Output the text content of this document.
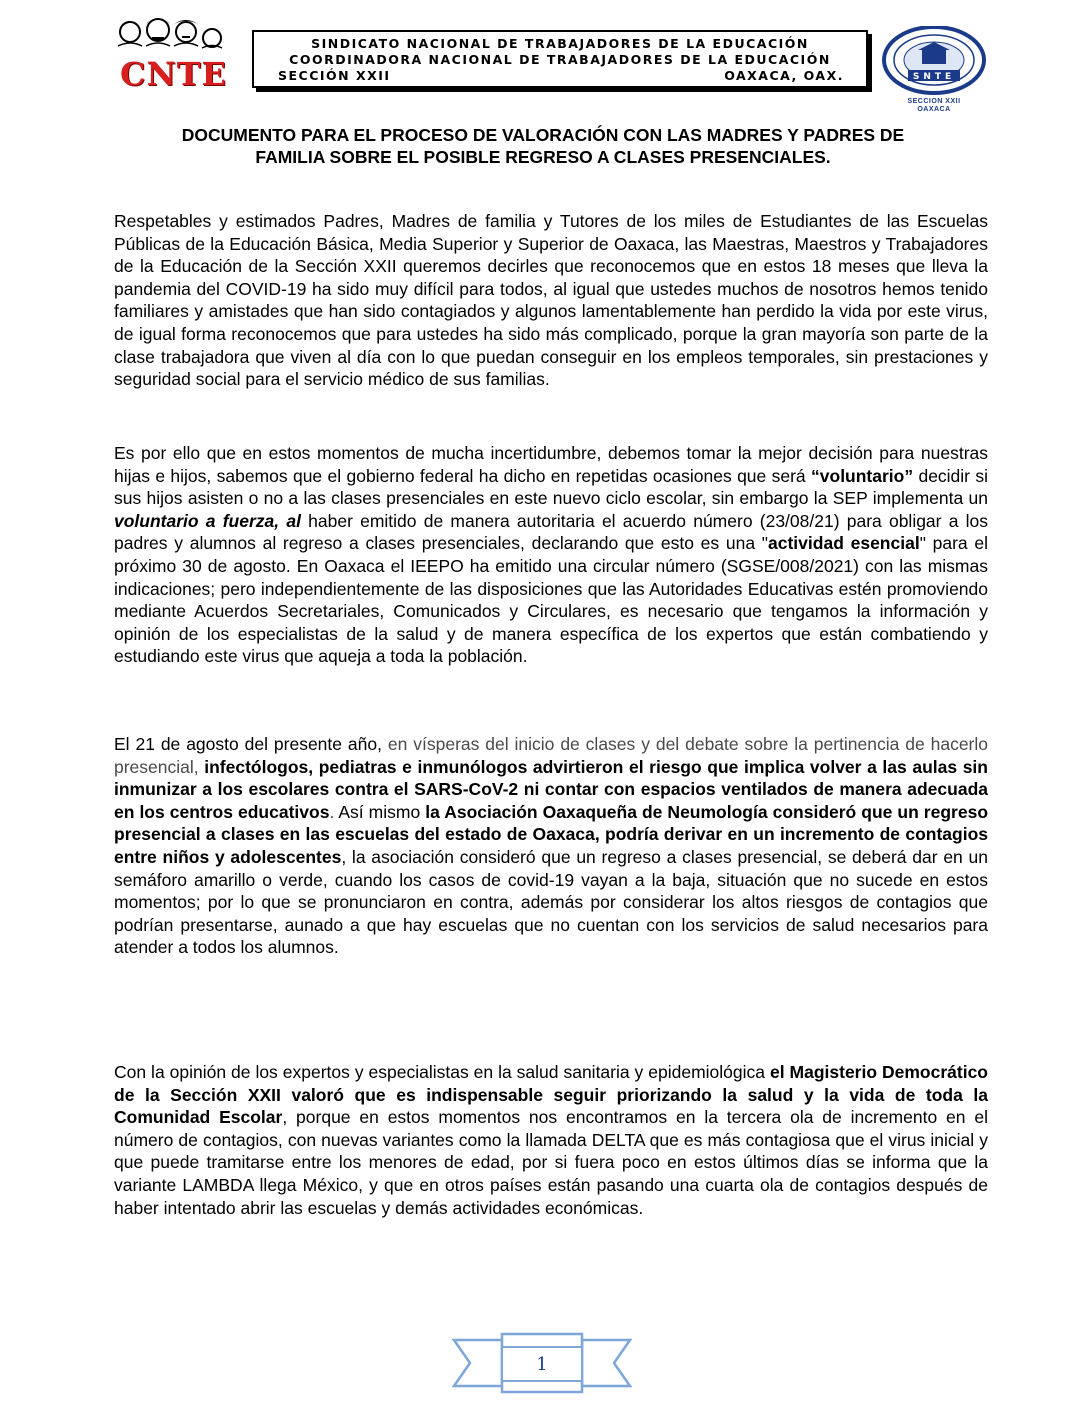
CNTE
SINDICATO NACIONAL DE TRABAJADORES DE LA EDUCACIÓN
COORDINADORA NACIONAL DE TRABAJADORES DE LA EDUCACIÓN
SECCIÓN XXII	OAXACA, OAX.	SNTE
SECCION XXII
OAXACA
DOCUMENTO PARA EL PROCESO DE VALORACIÓN CON LAS MADRES Y PADRES DE
FAMILIA SOBRE EL POSIBLE REGRESO A CLASES PRESENCIALES.

Respetables y estimados Padres, Madres de familia y Tutores de los miles de Estudiantes de las Escuelas Públicas de la Educación Básica, Media Superior y Superior de Oaxaca, las Maestras, Maestros y Trabajadores de la Educación de la Sección XXII queremos decirles que reconocemos que en estos 18 meses que lleva la pandemia del COVID-19 ha sido muy difícil para todos, al igual que ustedes muchos de nosotros hemos tenido familiares y amistades que han sido contagiados y algunos lamentablemente han perdido la vida por este virus, de igual forma reconocemos que para ustedes ha sido más complicado, porque la gran mayoría son parte de la clase trabajadora que viven al día con lo que puedan conseguir en los empleos temporales, sin prestaciones y seguridad social para el servicio médico de sus familias.

Es por ello que en estos momentos de mucha incertidumbre, debemos tomar la mejor decisión para nuestras hijas e hijos, sabemos que el gobierno federal ha dicho en repetidas ocasiones que será “voluntario” decidir si sus hijos asisten o no a las clases presenciales en este nuevo ciclo escolar, sin embargo la SEP implementa un voluntario a fuerza, al haber emitido de manera autoritaria el acuerdo número (23/08/21) para obligar a los padres y alumnos al regreso a clases presenciales, declarando que esto es una "actividad esencial" para el próximo 30 de agosto. En Oaxaca el IEEPO ha emitido una circular número (SGSE/008/2021) con las mismas indicaciones; pero independientemente de las disposiciones que las Autoridades Educativas estén promoviendo mediante Acuerdos Secretariales, Comunicados y Circulares, es necesario que tengamos la información y opinión de los especialistas de la salud y de manera específica de los expertos que están combatiendo y estudiando este virus que aqueja a toda la población.

El 21 de agosto del presente año, en vísperas del inicio de clases y del debate sobre la pertinencia de hacerlo presencial, infectólogos, pediatras e inmunólogos advirtieron el riesgo que implica volver a las aulas sin inmunizar a los escolares contra el SARS-CoV-2 ni contar con espacios ventilados de manera adecuada en los centros educativos. Así mismo la Asociación Oaxaqueña de Neumología consideró que un regreso presencial a clases en las escuelas del estado de Oaxaca, podría derivar en un incremento de contagios entre niños y adolescentes, la asociación consideró que un regreso a clases presencial, se deberá dar en un semáforo amarillo o verde, cuando los casos de covid-19 vayan a la baja, situación que no sucede en estos momentos; por lo que se pronunciaron en contra, además por considerar los altos riesgos de contagios que podrían presentarse, aunado a que hay escuelas que no cuentan con los servicios de salud necesarios para atender a todos los alumnos.

Con la opinión de los expertos y especialistas en la salud sanitaria y epidemiológica el Magisterio Democrático de la Sección XXII valoró que es indispensable seguir priorizando la salud y la vida de toda la Comunidad Escolar, porque en estos momentos nos encontramos en la tercera ola de incremento en el número de contagios, con nuevas variantes como la llamada DELTA que es más contagiosa que el virus inicial y que puede tramitarse entre los menores de edad, por si fuera poco en estos últimos días se informa que la variante LAMBDA llega México, y que en otros países están pasando una cuarta ola de contagios después de haber intentado abrir las escuelas y demás actividades económicas.

1
